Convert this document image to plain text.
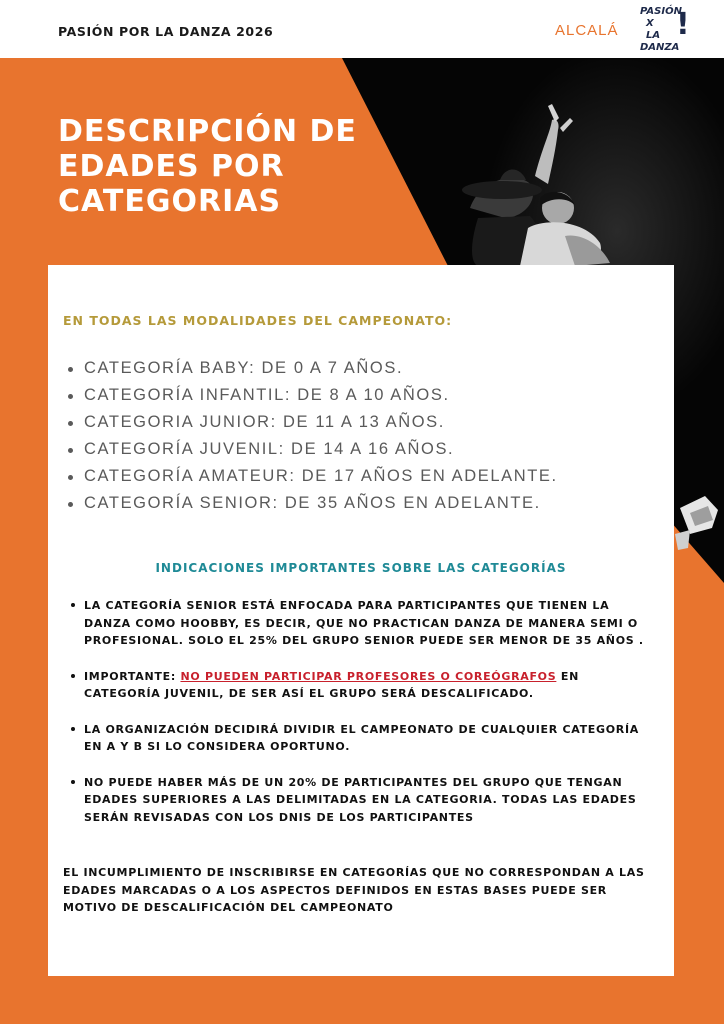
PASIÓN POR LA DANZA 2026	ALCALÁ
PASIÓN
X
LA
DANZA
!
DESCRIPCIÓN DE EDADES POR CATEGORIAS
EN TODAS LAS MODALIDADES DEL CAMPEONATO:
CATEGORÍA BABY: DE 0 A 7 AÑOS.
CATEGORÍA INFANTIL: DE 8 A 10 AÑOS.
CATEGORIA JUNIOR: DE 11 A 13 AÑOS.
CATEGORÍA JUVENIL: DE 14 A 16 AÑOS.
CATEGORÍA AMATEUR: DE 17 AÑOS EN ADELANTE.
CATEGORÍA SENIOR: DE 35 AÑOS EN ADELANTE.
INDICACIONES IMPORTANTES SOBRE LAS CATEGORÍAS
LA CATEGORÍA SENIOR ESTÁ ENFOCADA PARA PARTICIPANTES QUE TIENEN LA DANZA COMO HOOBBY, ES DECIR, QUE NO PRACTICAN DANZA DE MANERA SEMI O PROFESIONAL. SOLO EL 25% DEL GRUPO SENIOR PUEDE SER MENOR DE 35 AÑOS .
IMPORTANTE: NO PUEDEN PARTICIPAR PROFESORES O COREÓGRAFOS EN CATEGORÍA JUVENIL, DE SER ASÍ EL GRUPO SERÁ DESCALIFICADO.
LA ORGANIZACIÓN DECIDIRÁ DIVIDIR EL CAMPEONATO DE CUALQUIER CATEGORÍA EN A Y B SI LO CONSIDERA OPORTUNO.
NO PUEDE HABER MÁS DE UN 20% DE PARTICIPANTES DEL GRUPO QUE TENGAN EDADES SUPERIORES A LAS DELIMITADAS EN LA CATEGORIA. TODAS LAS EDADES SERÁN REVISADAS CON LOS DNIS DE LOS PARTICIPANTES
EL INCUMPLIMIENTO DE INSCRIBIRSE EN CATEGORÍAS QUE NO CORRESPONDAN A LAS EDADES MARCADAS O A LOS ASPECTOS DEFINIDOS EN ESTAS BASES PUEDE SER MOTIVO DE DESCALIFICACIÓN DEL CAMPEONATO
